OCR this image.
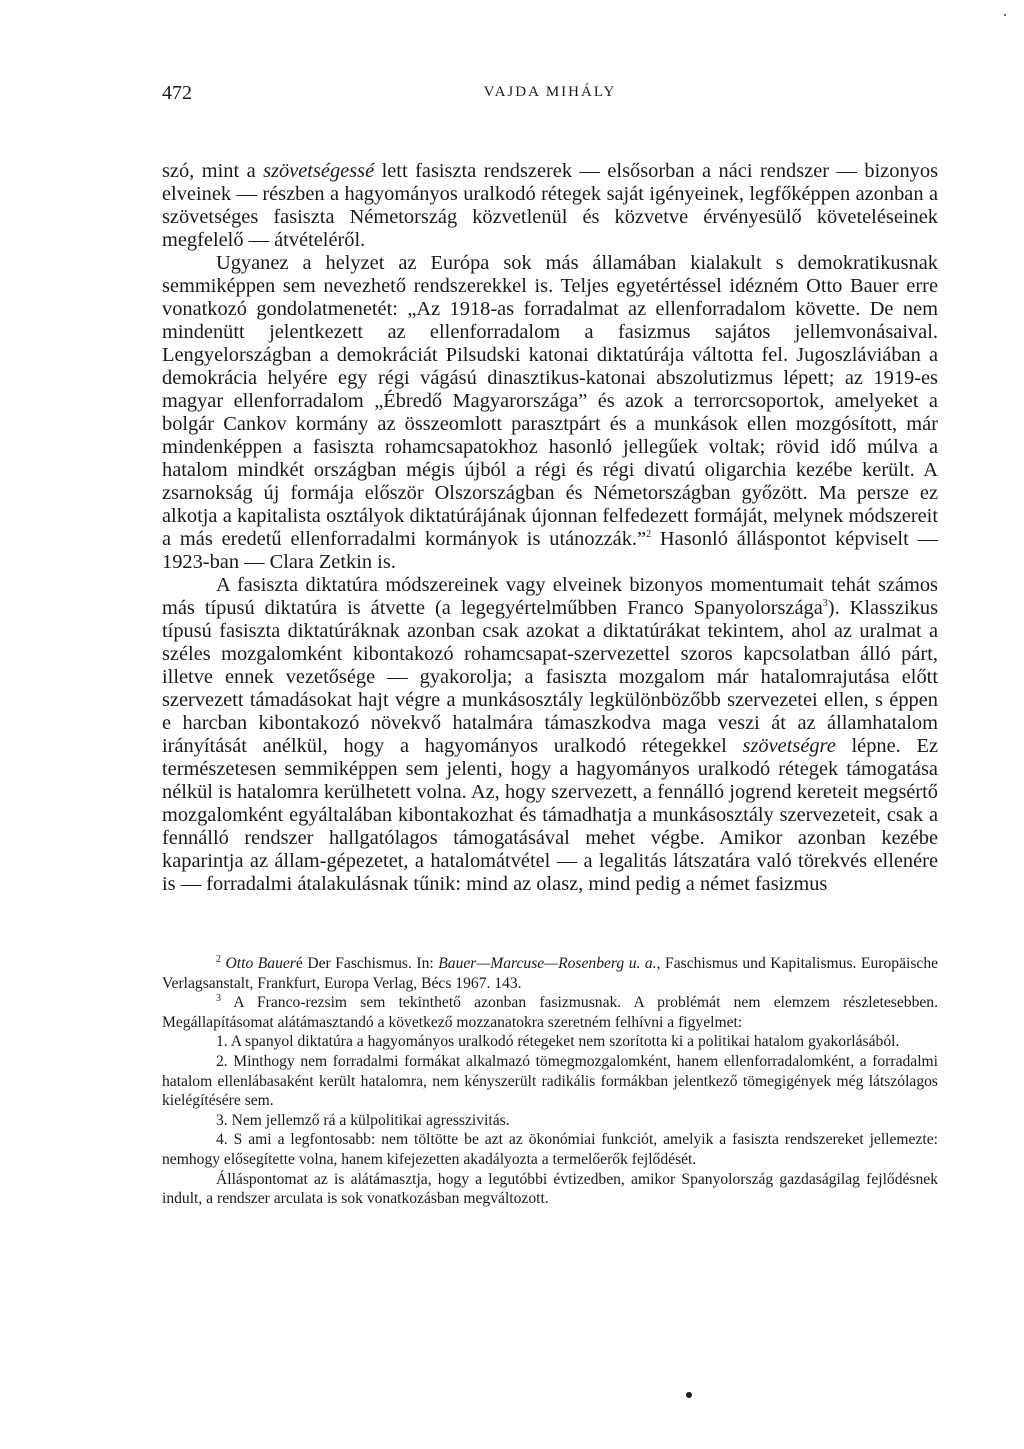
472	VAJDA MIHÁLY

szó, mint a szövetségessé lett fasiszta rendszerek — elsősorban a náci rendszer — bizonyos elveinek — részben a hagyományos uralkodó rétegek saját igényeinek, legfőképpen azonban a szövetséges fasiszta Németország közvetlenül és közvetve érvényesülő követeléseinek megfelelő — átvételéről.

Ugyanez a helyzet az Európa sok más államában kialakult s demokratikusnak semmiképpen sem nevezhető rendszerekkel is. Teljes egyetértéssel idézném Otto Bauer erre vonatkozó gondolatmenetét: „Az 1918-as forradalmat az ellenforradalom követte. De nem mindenütt jelentkezett az ellenforradalom a fasizmus sajátos jellemvonásaival. Lengyelországban a demokráciát Pilsudski katonai diktatúrája váltotta fel. Jugoszláviában a demokrácia helyére egy régi vágású dinasztikus-katonai abszolutizmus lépett; az 1919-es magyar ellenforradalom „Ébredő Magyarországa” és azok a terrorcsoportok, amelyeket a bolgár Cankov kormány az összeomlott parasztpárt és a munkások ellen mozgósított, már mindenképpen a fasiszta rohamcsapatokhoz hasonló jellegűek voltak; rövid idő múlva a hatalom mindkét országban mégis újból a régi és régi divatú oligarchia kezébe került. A zsarnokság új formája először Olszországban és Németországban győzött. Ma persze ez alkotja a kapitalista osztályok diktatúrájának újonnan felfedezett formáját, melynek módszereit a más eredetű ellenforradalmi kormányok is utánozzák.”$^2$ Hasonló álláspontot képviselt — 1923-ban — Clara Zetkin is.

A fasiszta diktatúra módszereinek vagy elveinek bizonyos momentumait tehát számos más típusú diktatúra is átvette (a legegyértelműbben Franco Spanyolországa$^3$). Klasszikus típusú fasiszta diktatúráknak azonban csak azokat a diktatúrákat tekintem, ahol az uralmat a széles mozgalomként kibontakozó rohamcsapat-szervezettel szoros kapcsolatban álló párt, illetve ennek vezetősége — gyakorolja; a fasiszta mozgalom már hatalomrajutása előtt szervezett támadásokat hajt végre a munkásosztály legkülönbözőbb szervezetei ellen, s éppen e harcban kibontakozó növekvő hatalmára támaszkodva maga veszi át az államhatalom irányítását anélkül, hogy a hagyományos uralkodó rétegekkel szövetségre lépne. Ez természetesen semmiképpen sem jelenti, hogy a hagyományos uralkodó rétegek támogatása nélkül is hatalomra kerülhetett volna. Az, hogy szervezett, a fennálló jogrend kereteit megsértő mozgalomként egyáltalában kibontakozhat és támadhatja a munkásosztály szervezeteit, csak a fennálló rendszer hallgatólagos támogatásával mehet végbe. Amikor azonban kezébe kaparintja az állam-gépezetet, a hatalomátvétel — a legalitás látszatára való törekvés ellenére is — forradalmi átalakulásnak tűnik: mind az olasz, mind pedig a német fasizmus

$^2$ Otto Baueré Der Faschismus. In: Bauer—Marcuse—Rosenberg u. a., Faschismus und Kapitalismus. Europäische Verlagsanstalt, Frankfurt, Europa Verlag, Bécs 1967. 143.

$^3$ A Franco-rezsim sem tekinthető azonban fasizmusnak. A problémát nem elemzem részletesebben. Megállapításomat alátámasztandó a következő mozzanatokra szeretném felhívni a figyelmet:

1. A spanyol diktatúra a hagyományos uralkodó rétegeket nem szorította ki a politikai hatalom gyakorlásából.

2. Minthogy nem forradalmi formákat alkalmazó tömegmozgalomként, hanem ellenforradalomként, a forradalmi hatalom ellenlábasaként került hatalomra, nem kényszerült radikális formákban jelentkező tömegigények még látszólagos kielégítésére sem.

3. Nem jellemző rá a külpolitikai agresszivitás.

4. S ami a legfontosabb: nem töltötte be azt az ökonómiai funkciót, amelyik a fasiszta rendszereket jellemezte: nemhogy elősegítette volna, hanem kifejezetten akadályozta a termelőerők fejlődését.

Álláspontomat az is alátámasztja, hogy a legutóbbi évtizedben, amikor Spanyolország gazdaságilag fejlődésnek indult, a rendszer arculata is sok vonatkozásban megváltozott.
